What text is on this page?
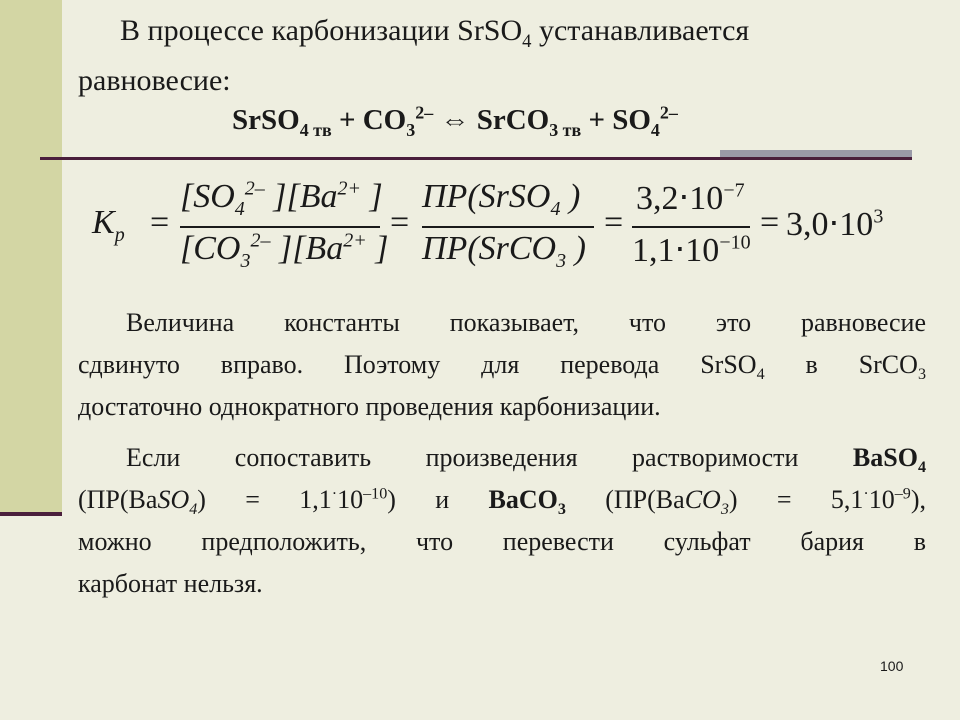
В процессе карбонизации SrSO$_4$ устанавливается
равновесие:
SrSO$_{4 тв}$ + $CO_3^{2-}$ ⇔ SrCO$_{3 тв}$ + $SO_4^{2-}$
$K_р$ =
[$SO_4^{2-}$ ][$Ba^{2+}$ ]
[$CO_3^{2-}$ ][$Ba^{2+}$ ]
=
ПР(SrSO$_4$ )
ПР(SrCO$_3$ )
=
$3,2\cdot 10^{-7}$
$1,1\cdot 10^{-10}$
= $3,0\cdot 10^3$
Величина константы показывает, что это равновесие
сдвинуто вправо. Поэтому для перевода SrSO$_4$ в SrCO$_3$
достаточно однократного проведения карбонизации.
Если сопоставить произведения растворимости BaSO$_4$
(ПР(BaSO$_4$) = $1,1^\cdot 10^{-10}$) и BaCO$_3$ (ПР(BaCO$_3$) = $5,1^\cdot 10^{-9}$),
можно предположить, что перевести сульфат бария в
карбонат нельзя.
100
